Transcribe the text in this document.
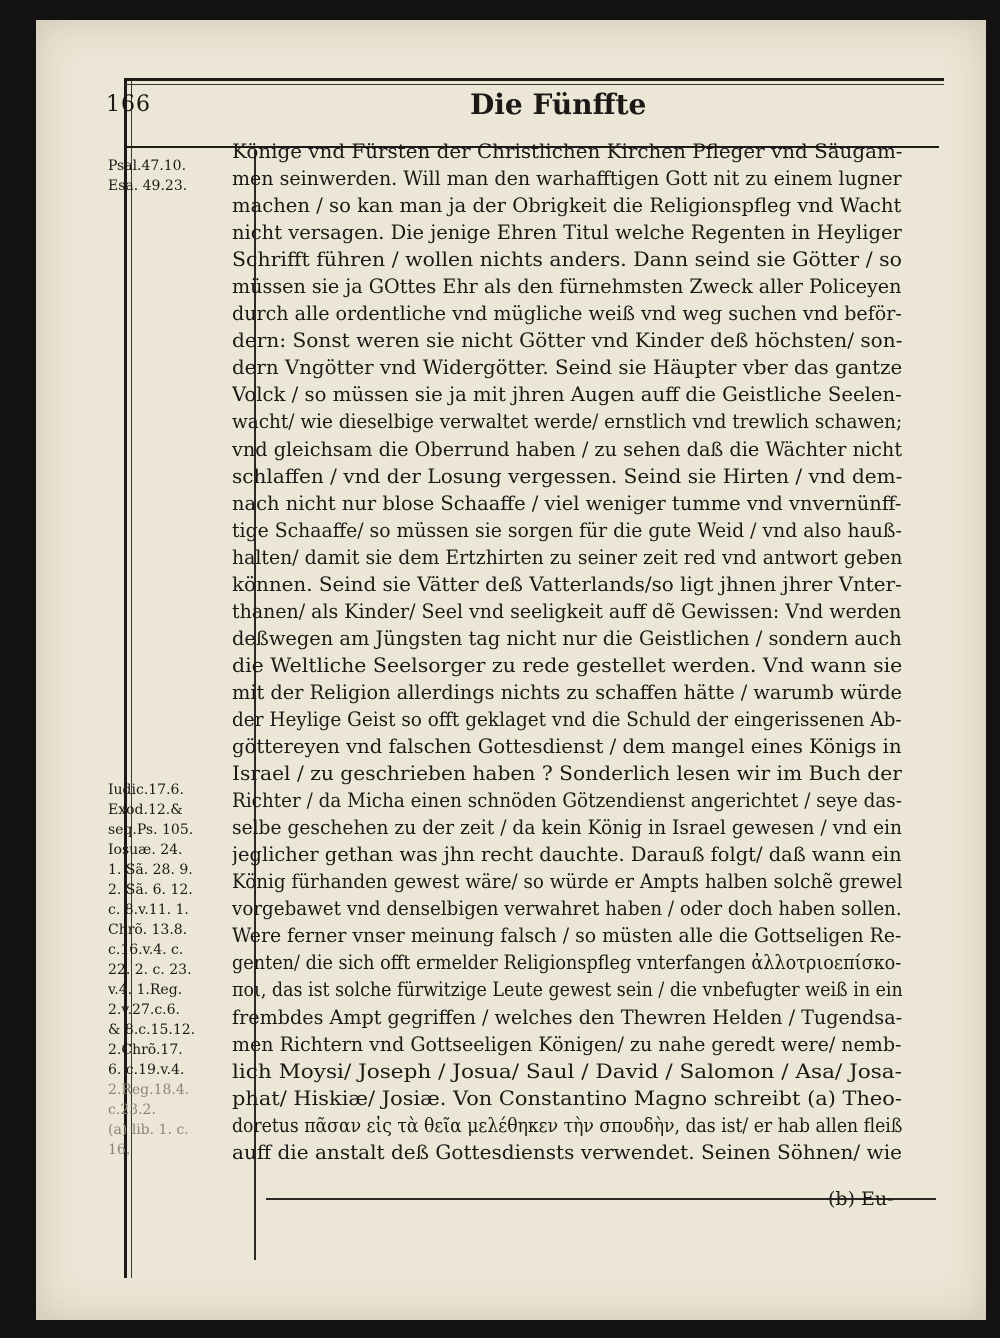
166	Die Fünffte
Psal.47.10.
Esa. 49.23.
Iudic.17.6.
Exod.12.&
seq.Ps. 105.
Iosuæ. 24.
1. Sã. 28. 9.
2. Sã. 6. 12.
c. 8.v.11. 1.
Chrõ. 13.8.
c.16.v.4. c.
22. 2. c. 23.
v.4. 1.Reg.
2.v.27.c.6.
& 8.c.15.12.
2.Chrõ.17.
6. c.19.v.4.
2.Reg.18.4.
c.23.2.
(a) lib. 1. c.
16.
Könige vnd Fürsten der Christlichen Kirchen Pfleger vnd Säugam-
men seinwerden. Will man den warhafftigen Gott nit zu einem lugner
machen / so kan man ja der Obrigkeit die Religionspfleg vnd Wacht
nicht versagen. Die jenige Ehren Titul welche Regenten in Heyliger
Schrifft führen / wollen nichts anders. Dann seind sie Götter / so
müssen sie ja GOttes Ehr als den fürnehmsten Zweck aller Policeyen
durch alle ordentliche vnd mügliche weiß vnd weg suchen vnd beför-
dern: Sonst weren sie nicht Götter vnd Kinder deß höchsten/ son-
dern Vngötter vnd Widergötter. Seind sie Häupter vber das gantze
Volck / so müssen sie ja mit jhren Augen auff die Geistliche Seelen-
wacht/ wie dieselbige verwaltet werde/ ernstlich vnd trewlich schawen;
vnd gleichsam die Oberrund haben / zu sehen daß die Wächter nicht
schlaffen / vnd der Losung vergessen. Seind sie Hirten / vnd dem-
nach nicht nur blose Schaaffe / viel weniger tumme vnd vnvernünff-
tige Schaaffe/ so müssen sie sorgen für die gute Weid / vnd also hauß-
halten/ damit sie dem Ertzhirten zu seiner zeit red vnd antwort geben
können. Seind sie Vätter deß Vatterlands/so ligt jhnen jhrer Vnter-
thanen/ als Kinder/ Seel vnd seeligkeit auff dẽ Gewissen: Vnd werden
deßwegen am Jüngsten tag nicht nur die Geistlichen / sondern auch
die Weltliche Seelsorger zu rede gestellet werden. Vnd wann sie
mit der Religion allerdings nichts zu schaffen hätte / warumb würde
der Heylige Geist so offt geklaget vnd die Schuld der eingerissenen Ab-
göttereyen vnd falschen Gottesdienst / dem mangel eines Königs in
Israel / zu geschrieben haben ? Sonderlich lesen wir im Buch der
Richter / da Micha einen schnöden Götzendienst angerichtet / seye das-
selbe geschehen zu der zeit / da kein König in Israel gewesen / vnd ein
jeglicher gethan was jhn recht dauchte. Darauß folgt/ daß wann ein
König fürhanden gewest wäre/ so würde er Ampts halben solchẽ grewel
vorgebawet vnd denselbigen verwahret haben / oder doch haben sollen.
Were ferner vnser meinung falsch / so müsten alle die Gottseligen Re-
genten/ die sich offt ermelder Religionspfleg vnterfangen ἀλλοτριοεπίσκο-
ποι, das ist solche fürwitzige Leute gewest sein / die vnbefugter weiß in ein
frembdes Ampt gegriffen / welches den Thewren Helden / Tugendsa-
men Richtern vnd Gottseeligen Königen/ zu nahe geredt were/ nemb-
lich Moysi/ Joseph / Josua/ Saul / David / Salomon / Asa/ Josa-
phat/ Hiskiæ/ Josiæ. Von Constantino Magno schreibt (a) Theo-
doretus πᾶσαν εἰς τὰ θεῖα μελέθηκεν τὴν σπουδὴν, das ist/ er hab allen fleiß
auff die anstalt deß Gottesdiensts verwendet. Seinen Söhnen/ wie
(b) Eu-
